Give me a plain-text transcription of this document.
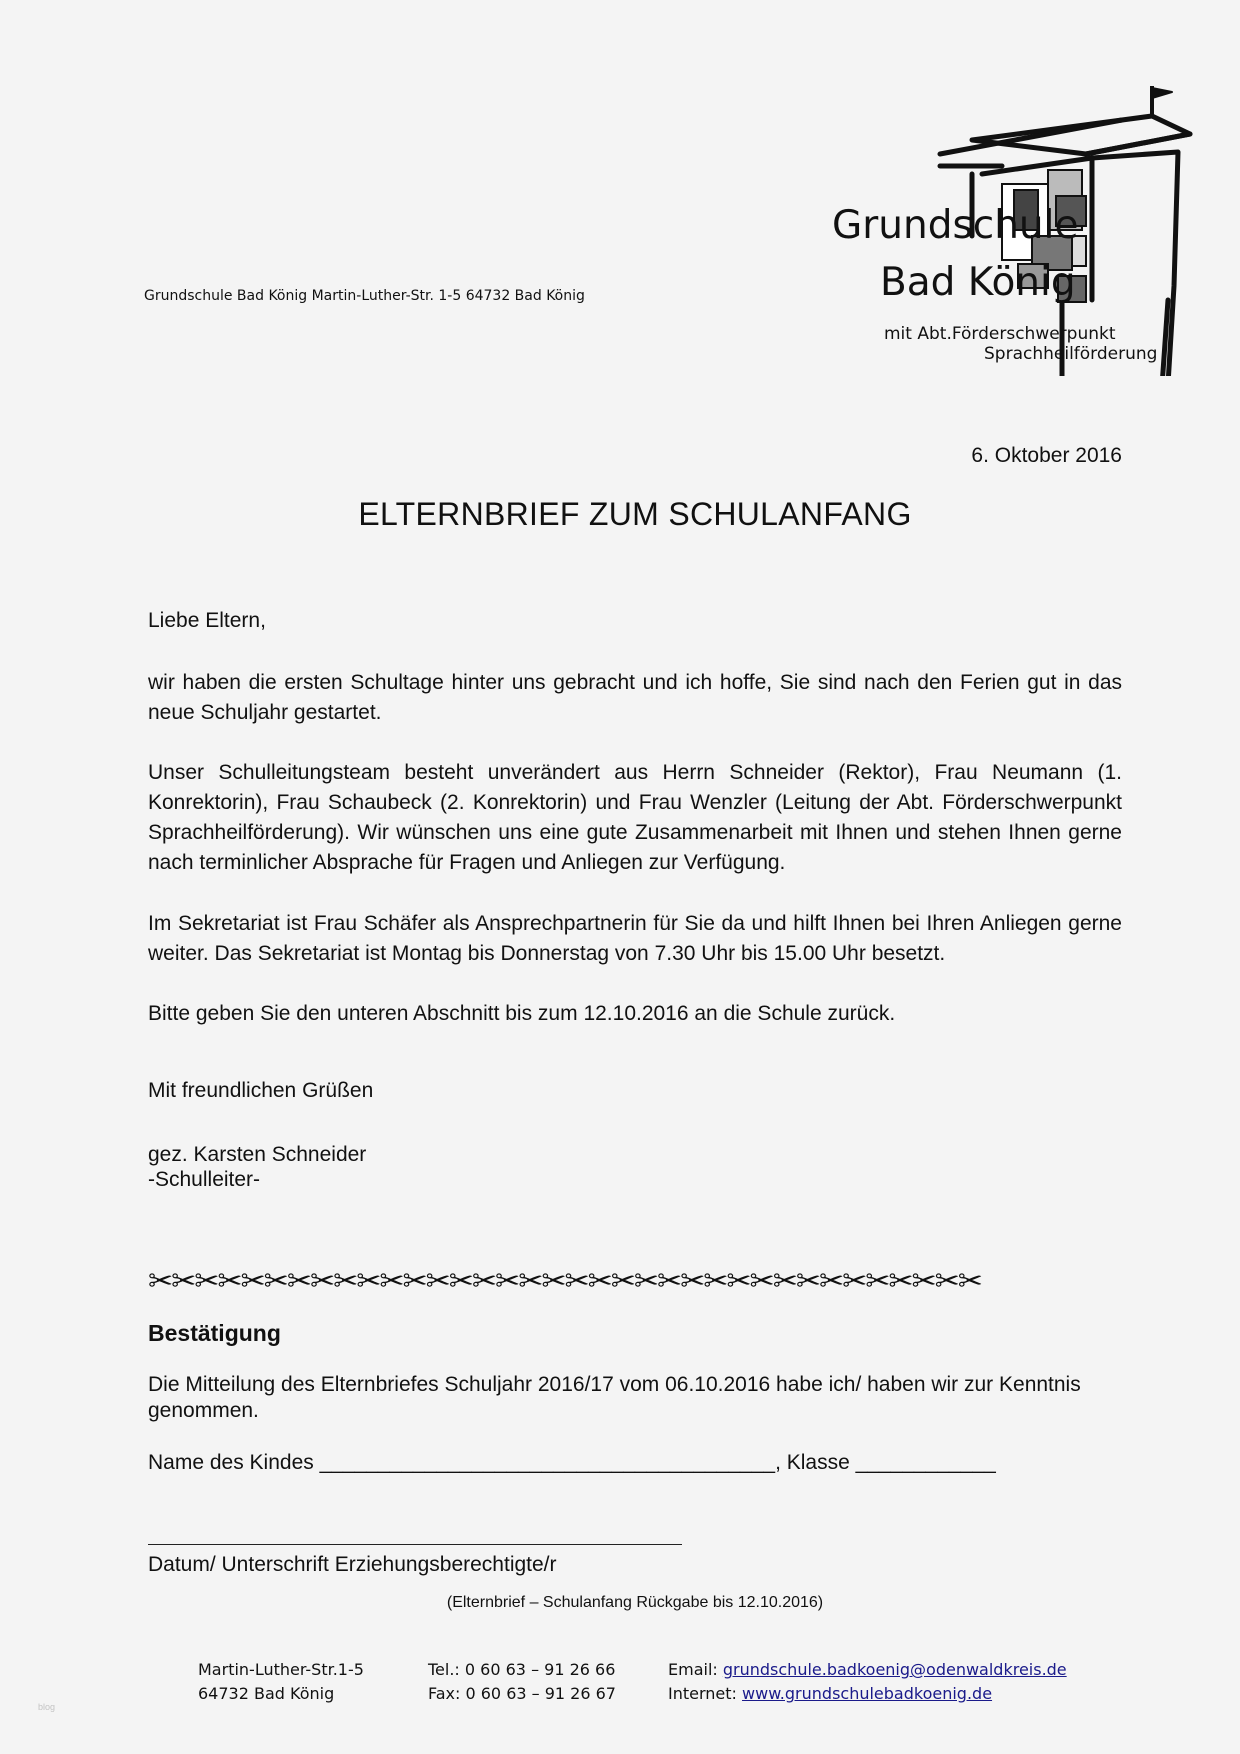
Grundschule Bad König Martin-Luther-Str. 1-5 64732 Bad König
Grundschule
Bad König
mit Abt.Förderschwerpunkt
Sprachheilförderung
6. Oktober 2016
ELTERNBRIEF ZUM SCHULANFANG
Liebe Eltern,
wir haben die ersten Schultage hinter uns gebracht und ich hoffe, Sie sind nach den Ferien gut in das neue Schuljahr gestartet.
Unser Schulleitungsteam besteht unverändert aus Herrn Schneider (Rektor), Frau Neumann (1. Konrektorin), Frau Schaubeck (2. Konrektorin) und Frau Wenzler (Leitung der Abt. Förderschwerpunkt Sprachheilförderung). Wir wünschen uns eine gute Zusammenarbeit mit Ihnen und stehen Ihnen gerne nach terminlicher Absprache für Fragen und Anliegen zur Verfügung.
Im Sekretariat ist Frau Schäfer als Ansprechpartnerin für Sie da und hilft Ihnen bei Ihren Anliegen gerne weiter. Das Sekretariat ist Montag bis Donnerstag von 7.30 Uhr bis 15.00 Uhr besetzt.
Bitte geben Sie den unteren Abschnitt bis zum 12.10.2016 an die Schule zurück.
Mit freundlichen Grüßen
gez. Karsten Schneider
-Schulleiter-
✂✂✂✂✂✂✂✂✂✂✂✂✂✂✂✂✂✂✂✂✂✂✂✂✂✂✂✂✂✂✂✂✂✂✂✂
Bestätigung
Die Mitteilung des Elternbriefes Schuljahr 2016/17 vom 06.10.2016 habe ich/ haben wir zur Kenntnis genommen.
Name des Kindes _______________________________________, Klasse ____________
Datum/ Unterschrift Erziehungsberechtigte/r
(Elternbrief – Schulanfang Rückgabe bis 12.10.2016)
Martin-Luther-Str.1-5
64732 Bad König
Tel.: 0 60 63 – 91 26 66
Fax: 0 60 63 – 91 26 67
Email: grundschule.badkoenig@odenwaldkreis.de
Internet: www.grundschulebadkoenig.de
blog
